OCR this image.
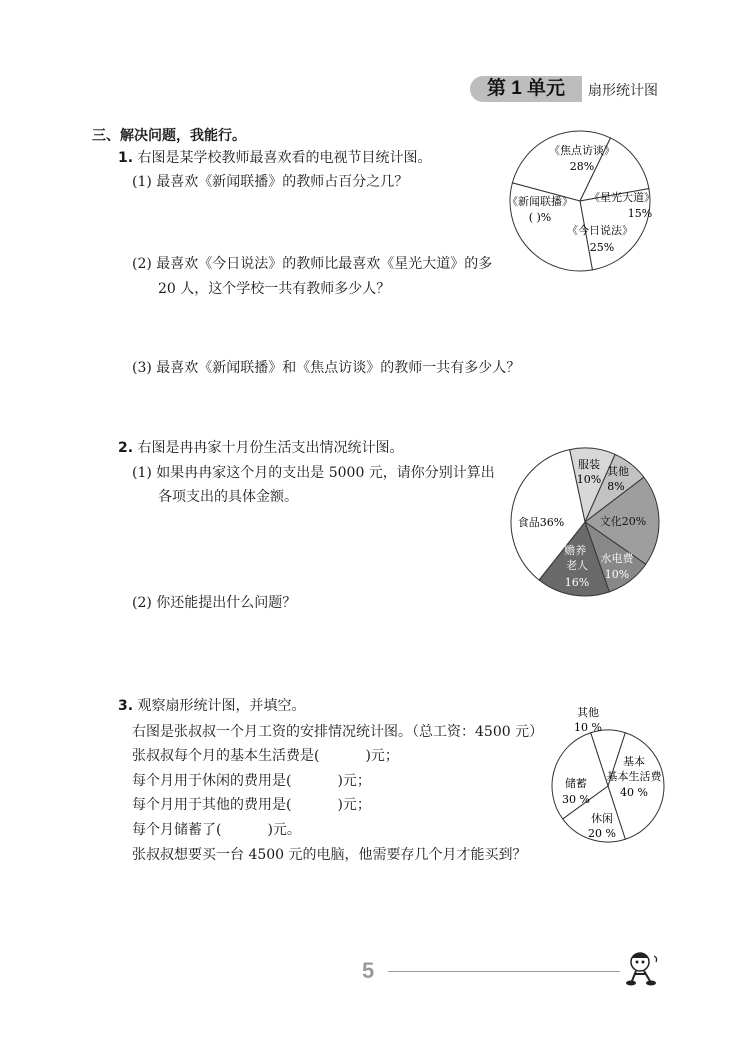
第 1 单元	扇形统计图
三、解决问题，我能行。
1. 右图是某学校教师最喜欢看的电视节目统计图。
(1) 最喜欢《新闻联播》的教师占百分之几？
(2) 最喜欢《今日说法》的教师比最喜欢《星光大道》的多
20 人，这个学校一共有教师多少人？
(3) 最喜欢《新闻联播》和《焦点访谈》的教师一共有多少人？
《焦点访谈》
28%
《星光大道》
15%
《今日说法》
25%
《新闻联播》
( )%
2. 右图是冉冉家十月份生活支出情况统计图。
(1) 如果冉冉家这个月的支出是 5000 元，请你分别计算出
各项支出的具体金额。
(2) 你还能提出什么问题？
服装
10%
其他
8%
文化20%
水电费
10%
赡养 老人
16%
食品36%
3. 观察扇形统计图，并填空。
右图是张叔叔一个月工资的安排情况统计图。（总工资：4500 元）
张叔叔每个月的基本生活费是(	)元；
每个月用于休闲的费用是(	)元；
每个月用于其他的费用是(	)元；
每个月储蓄了(	)元。
张叔叔想要买一台 4500 元的电脑，他需要存几个月才能买到？
其他
10 %
基本
基本生活费
40 %
休闲
20 %
储蓄
30 %
5
